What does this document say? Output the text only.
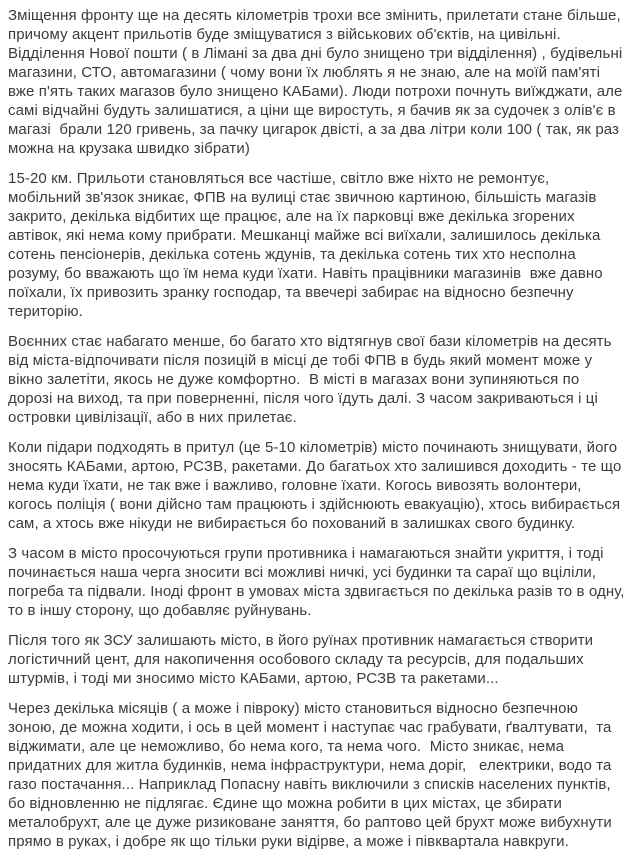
Зміщення фронту ще на десять кілометрів трохи все змінить, прилетати стане більше, причому акцент прильотів буде зміщуватися з військових об'єктів, на цивільні. Відділення Нової пошти ( в Лімані за два дні було знищено три відділення) , будівельні магазини, СТО, автомагазини ( чому вони їх люблять я не знаю, але на моїй пам'яті вже п'ять таких магазов було знищено КАБами). Люди потрохи почнуть виїжджати, але самі відчайні будуть залишатися, а ціни ще виростуть, я бачив як за судочек з олів'є в магазі  брали 120 гривень, за пачку цигарок двісті, а за два літри коли 100 ( так, як раз можна на крузака швидко зібрати)
15-20 км. Прильоти становляться все частіше, світло вже ніхто не ремонтує, мобільний зв'язок зникає, ФПВ на вулиці стає звичною картиною, більшість магазів закрито, декілька відбитих ще працює, але на їх парковці вже декілька згорених автівок, які нема кому прибрати. Мешканці майже всі виїхали, залишилось декілька сотень пенсіонерів, декілька сотень ждунів, та декілька сотень тих хто несполна розуму, бо вважають що їм нема куди їхати. Навіть працівники магазинів  вже давно поїхали, їх привозить зранку господар, та ввечері забирає на відносно безпечну територію.
Воєнних стає набагато менше, бо багато хто відтягнув свої бази кілометрів на десять від міста-відпочивати після позицій в місці де тобі ФПВ в будь який момент може у вікно залетіти, якось не дуже комфортно.  В місті в магазах вони зупиняються по дорозі на виход, та при поверненні, після чого їдуть далі. З часом закриваються і ці островки цивілізації, або в них прилетає.
Коли підари подходять в притул (це 5-10 кілометрів) місто починають знищувати, його зносять КАБами, артою, РСЗВ, ракетами. До багатьох хто залишився доходить - те що нема куди їхати, не так вже і важливо, головне їхати. Когось вивозять волонтери, когось поліція ( вони дійсно там працюють і здійснюють евакуацію), хтось вибирається сам, а хтось вже нікуди не вибирається бо похований в залишках свого будинку.
З часом в місто просочуються групи противника і намагаються знайти укриття, і тоді починається наша черга зносити всі можливі ничкі, усі будинки та сараї що вціліли, погреба та підвали. Іноді фронт в умовах міста здвигається по декілька разів то в одну, то в іншу сторону, що добавляє руйнувань.
Після того як ЗСУ залишають місто, в його руїнах противник намагається створити логістичний цент, для накопичення особового складу та ресурсів, для подальших штурмів, і тоді ми зносимо місто КАБами, артою, РСЗВ та ракетами...
Через декілька місяців ( а може і півроку) місто становиться відносно безпечною зоною, де можна ходити, і ось в цей момент і наступає час грабувати, ґвалтувати,  та віджимати, але це неможливо, бо нема кого, та нема чого.  Місто зникає, нема придатних для житла будинків, нема інфраструктури, нема доріг,   електрики, водо та газо постачання... Наприклад Попасну навіть виключили з списків населених пунктів, бо відновленню не підлягає. Єдине що можна робити в цих містах, це збирати металобрухт, але це дуже ризиковане заняття, бо раптово цей брухт може вибухнути прямо в руках, і добре як що тільки руки відірве, а може і півквартала навкруги.
